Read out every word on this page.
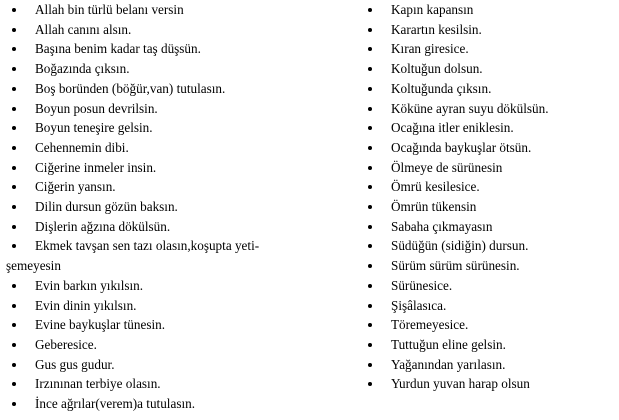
Allah bin türlü belanı versin
Allah canını alsın.
Başına benim kadar taş düşsün.
Boğazında çıksın.
Boş boründen (böğür,van) tutulasın.
Boyun posun devrilsin.
Boyun teneşire gelsin.
Cehennemin dibi.
Ciğerine inmeler insin.
Ciğerin yansın.
Dilin dursun gözün baksın.
Dişlerin ağzına dökülsün.
Ekmek tavşan sen tazı olasın,koşupta yeti-
şemeyesin
Evin barkın yıkılsın.
Evin dinin yıkılsın.
Evine baykuşlar tünesin.
Geberesice.
Gus gus gudur.
Irzınınan terbiye olasın.
İnce ağrılar(verem)a tutulasın.
Kapın kapansın
Karartın kesilsin.
Kıran giresice.
Koltuğun dolsun.
Koltuğunda çıksın.
Köküne ayran suyu dökülsün.
Ocağına itler eniklesin.
Ocağında baykuşlar ötsün.
Ölmeye de sürünesin
Ömrü kesilesice.
Ömrün tükensin
Sabaha çıkmayasın
Südüğün (sidiğin) dursun.
Sürüm sürüm sürünesin.
Sürünesice.
Şişâlasıca.
Töremeyesice.
Tuttuğun eline gelsin.
Yağanından yarılasın.
Yurdun yuvan harap olsun
